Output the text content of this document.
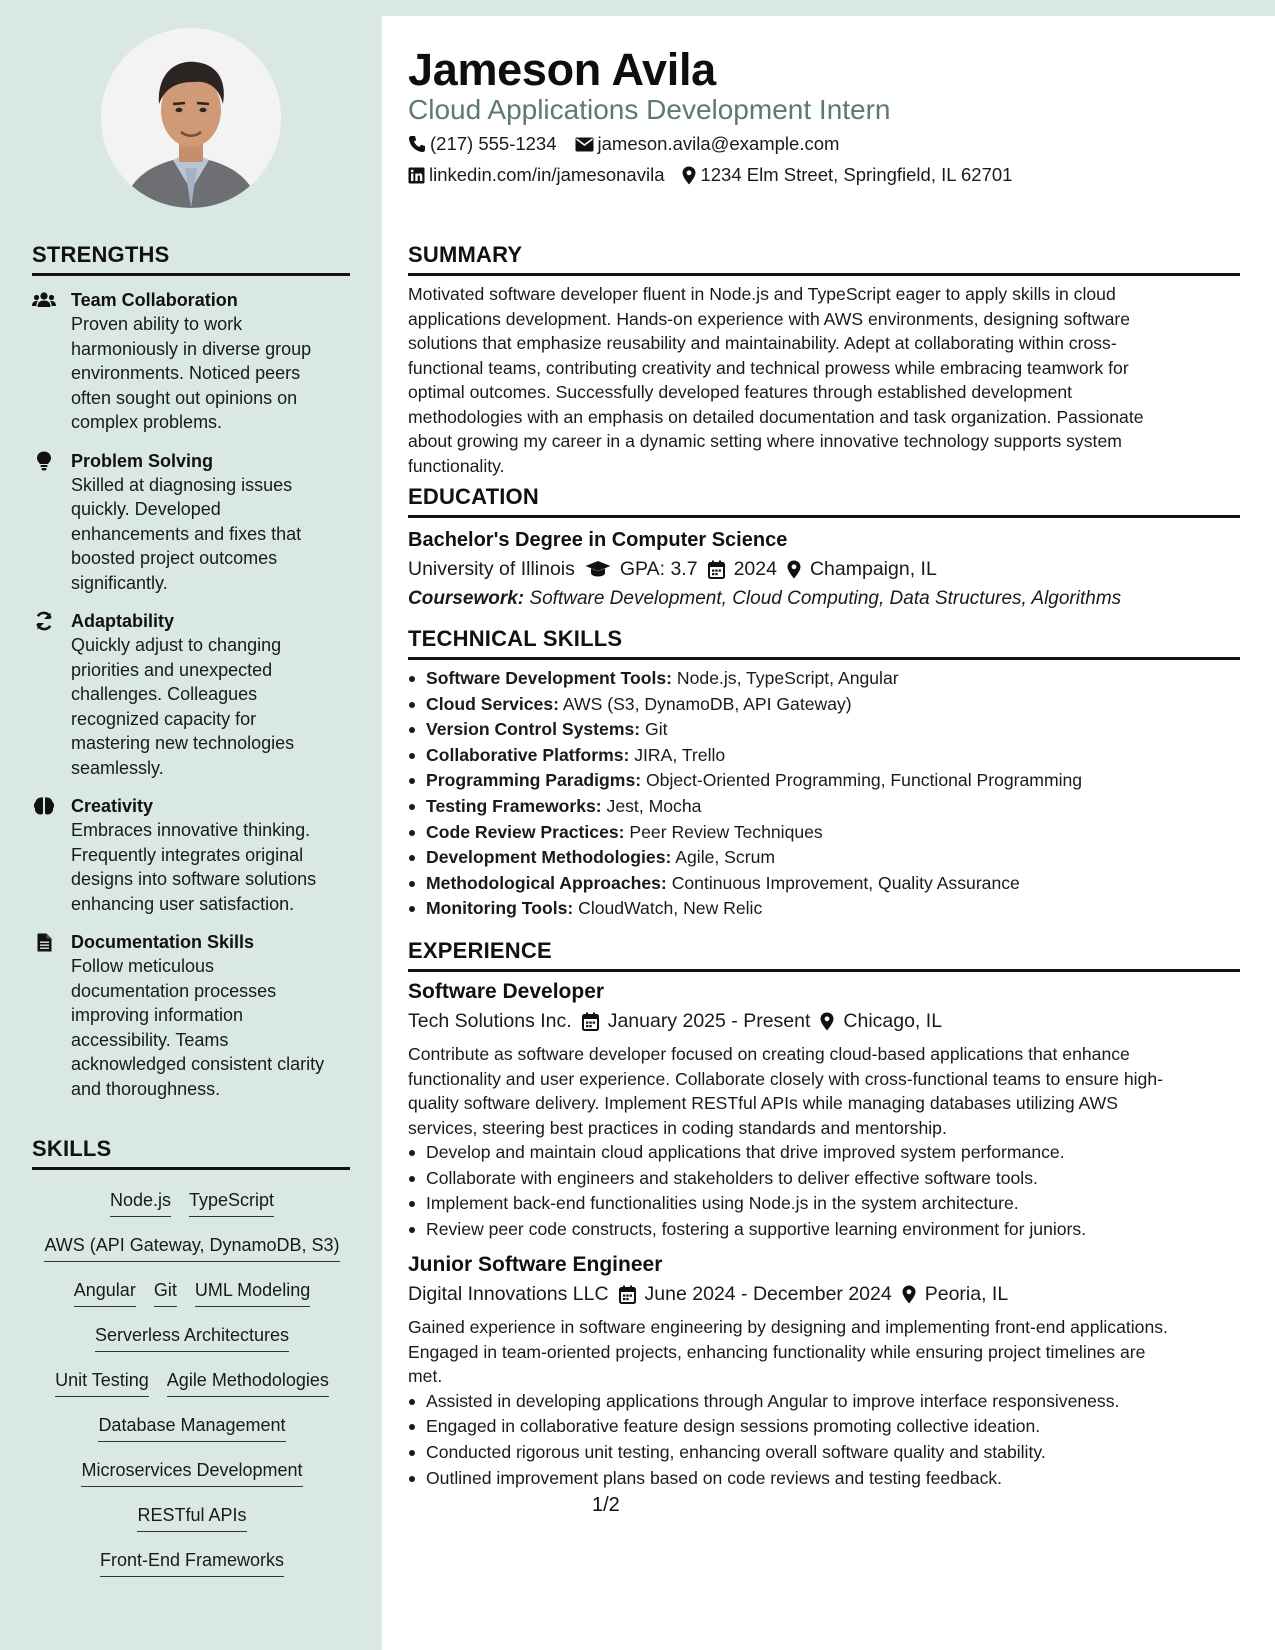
STRENGTHS
Team Collaboration
Proven ability to work
harmoniously in diverse group
environments. Noticed peers
often sought out opinions on
complex problems.
Problem Solving
Skilled at diagnosing issues
quickly. Developed
enhancements and fixes that
boosted project outcomes
significantly.
Adaptability
Quickly adjust to changing
priorities and unexpected
challenges. Colleagues
recognized capacity for
mastering new technologies
seamlessly.
Creativity
Embraces innovative thinking.
Frequently integrates original
designs into software solutions
enhancing user satisfaction.
Documentation Skills
Follow meticulous
documentation processes
improving information
accessibility. Teams
acknowledged consistent clarity
and thoroughness.
SKILLS
Node.js TypeScript
AWS (API Gateway, DynamoDB, S3)
Angular Git UML Modeling
Serverless Architectures
Unit Testing Agile Methodologies
Database Management
Microservices Development
RESTful APIs
Front-End Frameworks
Jameson Avila
Cloud Applications Development Intern
(217) 555-1234 jameson.avila@example.com
linkedin.com/in/jamesonavila 1234 Elm Street, Springfield, IL 62701
SUMMARY

Motivated software developer fluent in Node.js and TypeScript eager to apply skills in cloud

applications development. Hands-on experience with AWS environments, designing software

solutions that emphasize reusability and maintainability. Adept at collaborating within cross-

functional teams, contributing creativity and technical prowess while embracing teamwork for

optimal outcomes. Successfully developed features through established development

methodologies with an emphasis on detailed documentation and task organization. Passionate

about growing my career in a dynamic setting where innovative technology supports system

functionality.

EDUCATION

Bachelor's Degree in Computer Science

University of Illinois GPA: 3.7 2024 Champaign, IL

Coursework: Software Development, Cloud Computing, Data Structures, Algorithms

TECHNICAL SKILLS
Software Development Tools: Node.js, TypeScript, Angular
Cloud Services: AWS (S3, DynamoDB, API Gateway)
Version Control Systems: Git
Collaborative Platforms: JIRA, Trello
Programming Paradigms: Object-Oriented Programming, Functional Programming
Testing Frameworks: Jest, Mocha
Code Review Practices: Peer Review Techniques
Development Methodologies: Agile, Scrum
Methodological Approaches: Continuous Improvement, Quality Assurance
Monitoring Tools: CloudWatch, New Relic
EXPERIENCE

Software Developer

Tech Solutions Inc. January 2025 - Present Chicago, IL

Contribute as software developer focused on creating cloud-based applications that enhance

functionality and user experience. Collaborate closely with cross-functional teams to ensure high-

quality software delivery. Implement RESTful APIs while managing databases utilizing AWS

services, steering best practices in coding standards and mentorship.

Develop and maintain cloud applications that drive improved system performance.
Collaborate with engineers and stakeholders to deliver effective software tools.
Implement back-end functionalities using Node.js in the system architecture.
Review peer code constructs, fostering a supportive learning environment for juniors.

Junior Software Engineer

Digital Innovations LLC June 2024 - December 2024 Peoria, IL

Gained experience in software engineering by designing and implementing front-end applications.

Engaged in team-oriented projects, enhancing functionality while ensuring project timelines are

met.

Assisted in developing applications through Angular to improve interface responsiveness.
Engaged in collaborative feature design sessions promoting collective ideation.
Conducted rigorous unit testing, enhancing overall software quality and stability.
Outlined improvement plans based on code reviews and testing feedback.
1/2
